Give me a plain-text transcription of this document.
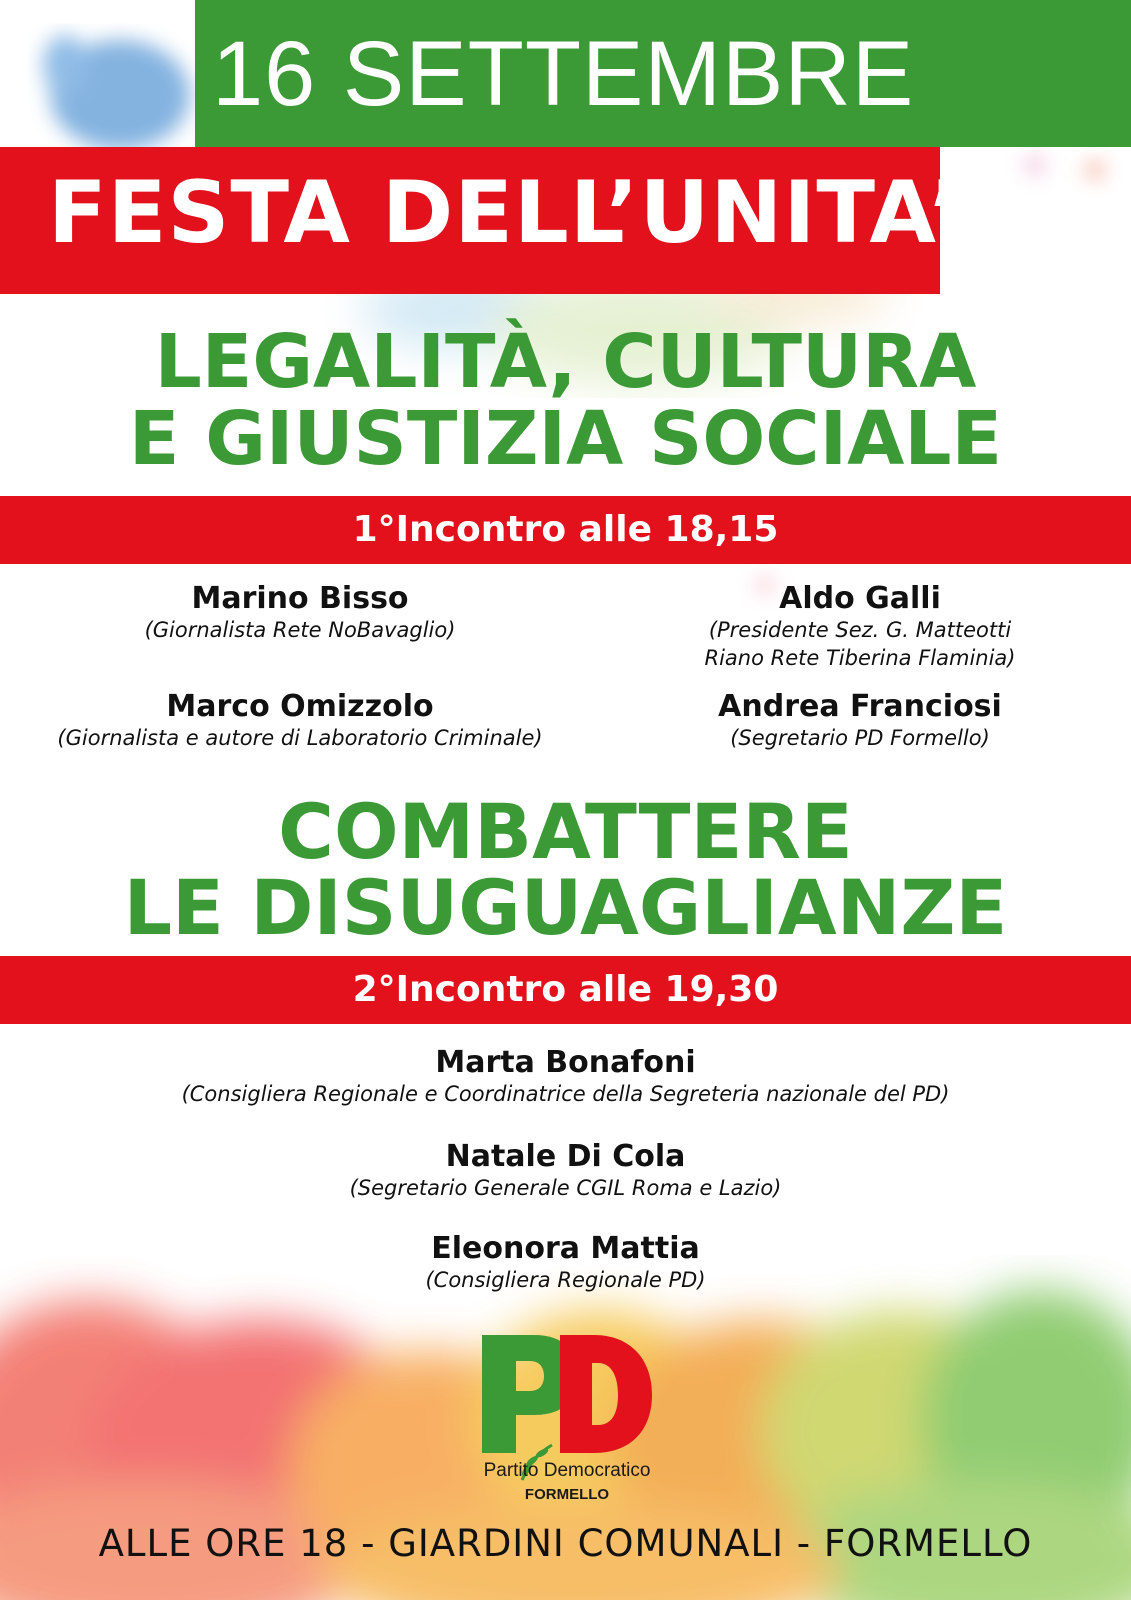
16 SETTEMBRE
FESTA DELL’UNITA’
LEGALITÀ, CULTURA
E GIUSTIZIA SOCIALE
1°Incontro alle 18,15
Marino Bisso
(Giornalista Rete NoBavaglio)
Aldo Galli
(Presidente Sez. G. Matteotti
Riano Rete Tiberina Flaminia)
Marco Omizzolo
(Giornalista e autore di Laboratorio Criminale)
Andrea Franciosi
(Segretario PD Formello)
COMBATTERE
LE DISUGUAGLIANZE
2°Incontro alle 19,30
Marta Bonafoni
(Consigliera Regionale e Coordinatrice della Segreteria nazionale del PD)
Natale Di Cola
(Segretario Generale CGIL Roma e Lazio)
Eleonora Mattia
(Consigliera Regionale PD)
Partito Democratico
FORMELLO
ALLE ORE 18 - GIARDINI COMUNALI - FORMELLO
